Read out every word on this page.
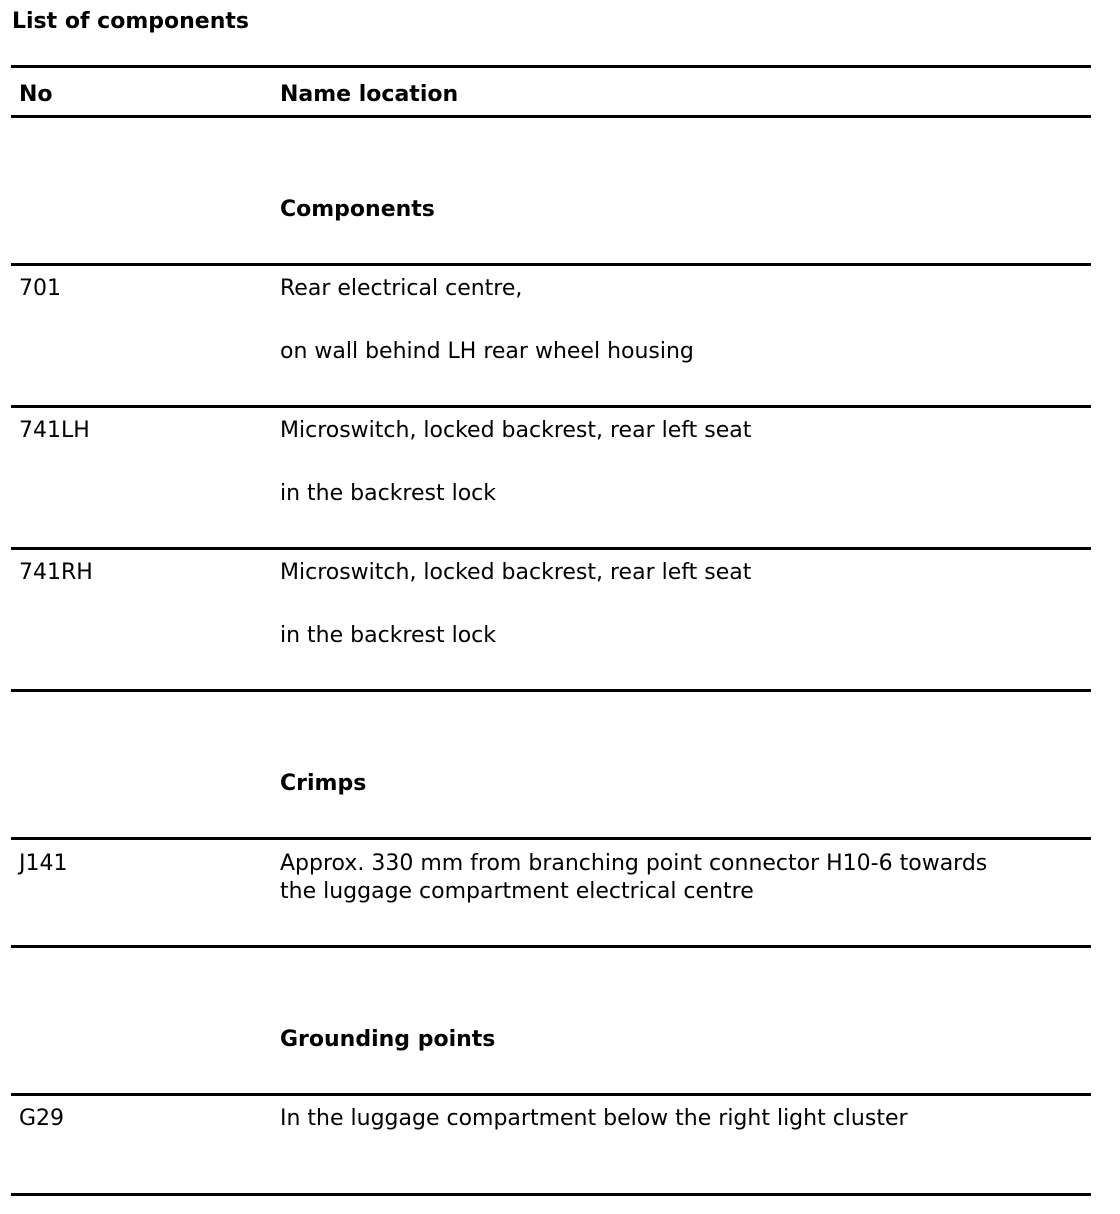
List of components
No	Name location
Components
701	Rear electrical centre,
on wall behind LH rear wheel housing
741LH	Microswitch, locked backrest, rear left seat
in the backrest lock
741RH	Microswitch, locked backrest, rear left seat
in the backrest lock
Crimps
J141	Approx. 330 mm from branching point connector H10-6 towards
the luggage compartment electrical centre
Grounding points
G29	In the luggage compartment below the right light cluster
